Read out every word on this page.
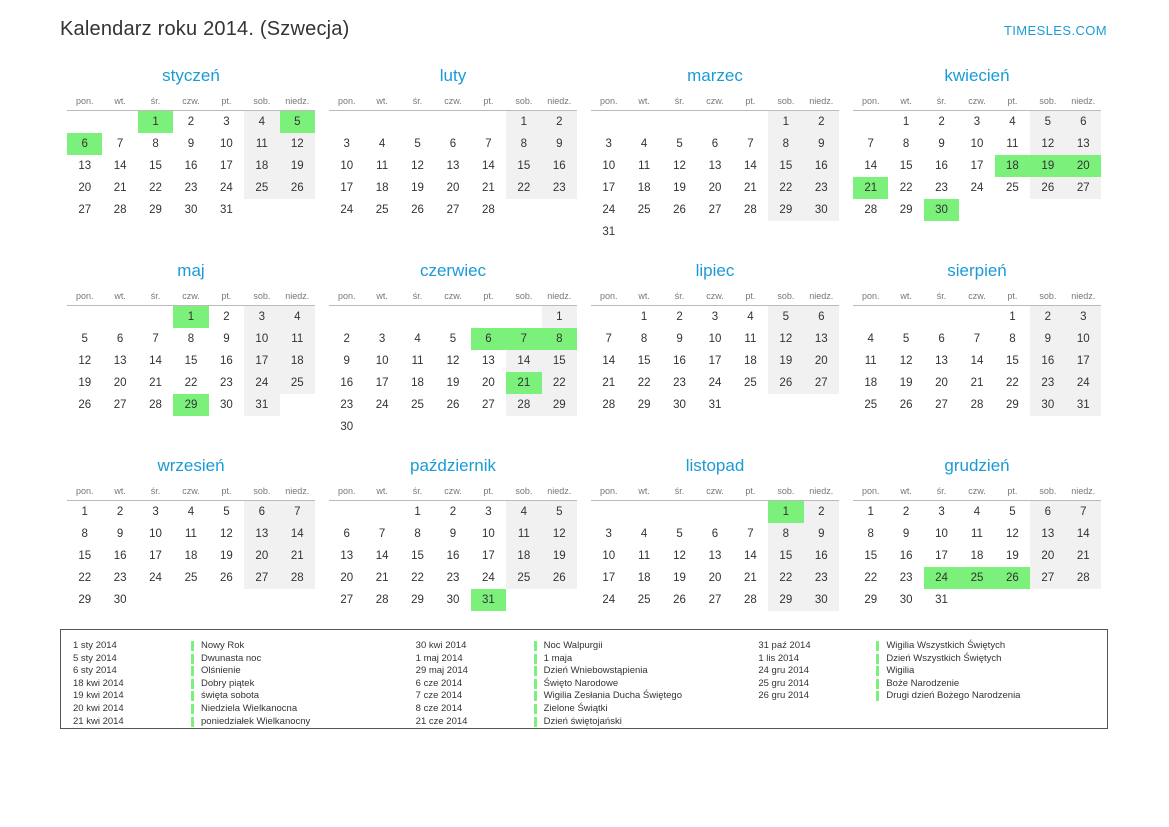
Kalendarz roku 2014. (Szwecja)	TIMESLES.COM
styczeń
pon.	wt.	śr.	czw.	pt.	sob.	niedz.
		1	2	3	4	5
6	7	8	9	10	11	12
13	14	15	16	17	18	19
20	21	22	23	24	25	26
27	28	29	30	31		
luty
pon.	wt.	śr.	czw.	pt.	sob.	niedz.
					1	2
3	4	5	6	7	8	9
10	11	12	13	14	15	16
17	18	19	20	21	22	23
24	25	26	27	28		
marzec
pon.	wt.	śr.	czw.	pt.	sob.	niedz.
					1	2
3	4	5	6	7	8	9
10	11	12	13	14	15	16
17	18	19	20	21	22	23
24	25	26	27	28	29	30
31						
kwiecień
pon.	wt.	śr.	czw.	pt.	sob.	niedz.
	1	2	3	4	5	6
7	8	9	10	11	12	13
14	15	16	17	18	19	20
21	22	23	24	25	26	27
28	29	30				
maj
pon.	wt.	śr.	czw.	pt.	sob.	niedz.
			1	2	3	4
5	6	7	8	9	10	11
12	13	14	15	16	17	18
19	20	21	22	23	24	25
26	27	28	29	30	31	
czerwiec
pon.	wt.	śr.	czw.	pt.	sob.	niedz.
						1
2	3	4	5	6	7	8
9	10	11	12	13	14	15
16	17	18	19	20	21	22
23	24	25	26	27	28	29
30						
lipiec
pon.	wt.	śr.	czw.	pt.	sob.	niedz.
	1	2	3	4	5	6
7	8	9	10	11	12	13
14	15	16	17	18	19	20
21	22	23	24	25	26	27
28	29	30	31			
sierpień
pon.	wt.	śr.	czw.	pt.	sob.	niedz.
				1	2	3
4	5	6	7	8	9	10
11	12	13	14	15	16	17
18	19	20	21	22	23	24
25	26	27	28	29	30	31
wrzesień
pon.	wt.	śr.	czw.	pt.	sob.	niedz.
1	2	3	4	5	6	7
8	9	10	11	12	13	14
15	16	17	18	19	20	21
22	23	24	25	26	27	28
29	30					
październik
pon.	wt.	śr.	czw.	pt.	sob.	niedz.
		1	2	3	4	5
6	7	8	9	10	11	12
13	14	15	16	17	18	19
20	21	22	23	24	25	26
27	28	29	30	31		
listopad
pon.	wt.	śr.	czw.	pt.	sob.	niedz.
					1	2
3	4	5	6	7	8	9
10	11	12	13	14	15	16
17	18	19	20	21	22	23
24	25	26	27	28	29	30
grudzień
pon.	wt.	śr.	czw.	pt.	sob.	niedz.
1	2	3	4	5	6	7
8	9	10	11	12	13	14
15	16	17	18	19	20	21
22	23	24	25	26	27	28
29	30	31				
1 sty 2014	Nowy Rok
5 sty 2014	Dwunasta noc
6 sty 2014	Olśnienie
18 kwi 2014	Dobry piątek
19 kwi 2014	święta sobota
20 kwi 2014	Niedziela Wielkanocna
21 kwi 2014	poniedziałek Wielkanocny
30 kwi 2014	Noc Walpurgii
1 maj 2014	1 maja
29 maj 2014	Dzień Wniebowstąpienia
6 cze 2014	Święto Narodowe
7 cze 2014	Wigilia Zesłania Ducha Świętego
8 cze 2014	Zielone Świątki
21 cze 2014	Dzień świętojański
31 paź 2014	Wigilia Wszystkich Świętych
1 lis 2014	Dzień Wszystkich Świętych
24 gru 2014	Wigilia
25 gru 2014	Boże Narodzenie
26 gru 2014	Drugi dzień Bożego Narodzenia
